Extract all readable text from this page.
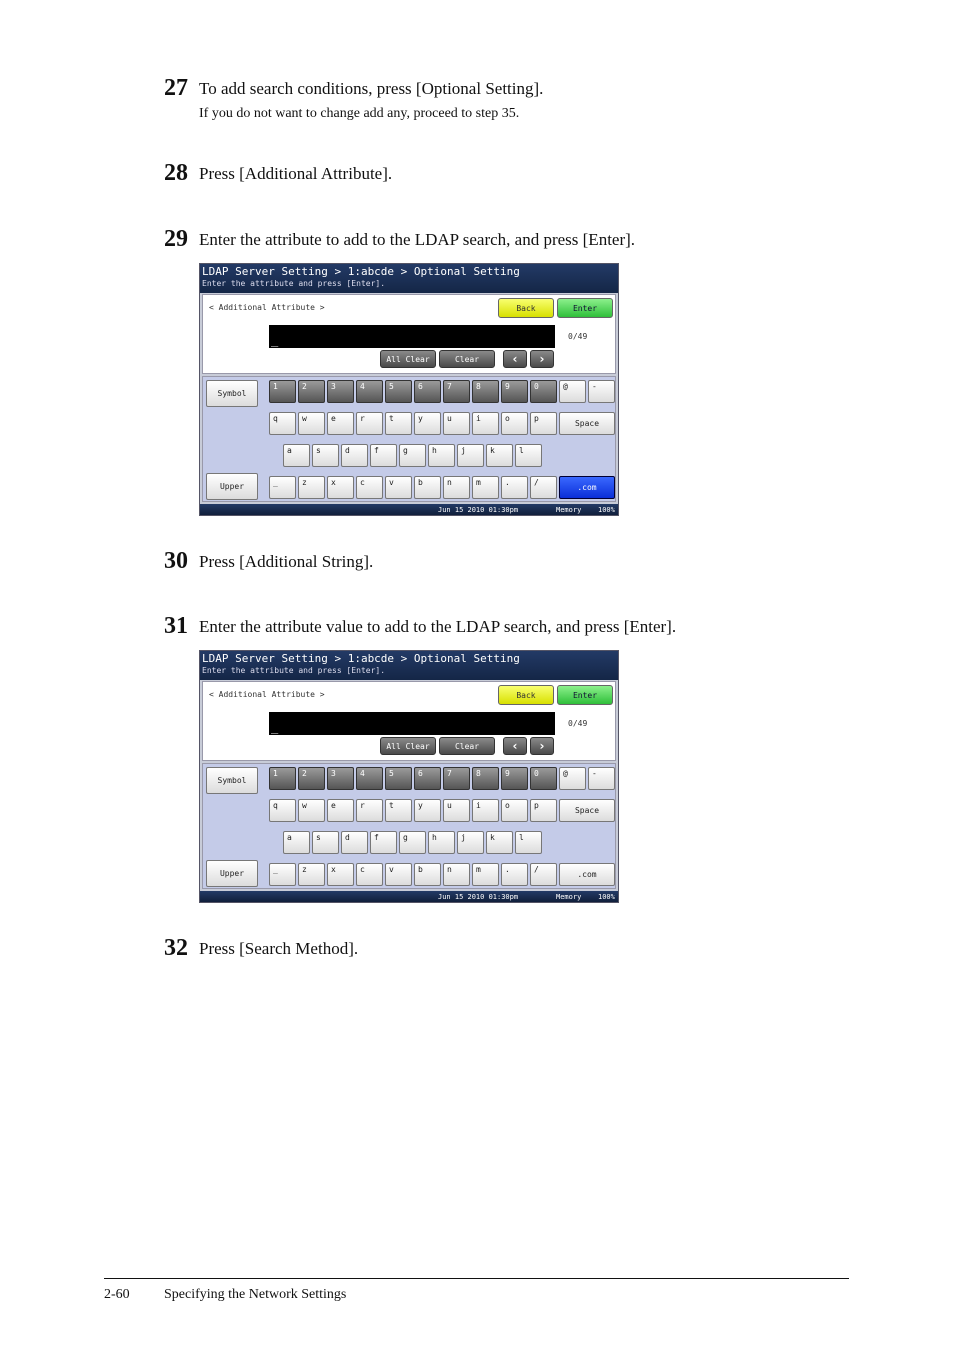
27 To add search conditions, press [Optional Setting].
If you do not want to change add any, proceed to step 35.
28 Press [Additional Attribute].
29 Enter the attribute to add to the LDAP search, and press [Enter].
LDAP Server Setting > 1:abcde > Optional Setting
Enter the attribute and press [Enter].
< Additional Attribute >	Back	Enter
_	0/49
All Clear	Clear	‹	›
Symbol
Upper
1	2	3	4	5	6	7	8	9	0	@	-
q	w	e	r	t	y	u	i	o	p
Space
a	s	d	f	g	h	j	k	l
_	z	x	c	v	b	n	m	.	/
.com
Jun 15 2010 01:30pm	Memory 100%
30 Press [Additional String].
31 Enter the attribute value to add to the LDAP search, and press [Enter].
LDAP Server Setting > 1:abcde > Optional Setting
Enter the attribute and press [Enter].
< Additional Attribute >	Back	Enter
_	0/49
All Clear	Clear	‹	›
Symbol
Upper
1	2	3	4	5	6	7	8	9	0	@	-
q	w	e	r	t	y	u	i	o	p
Space
a	s	d	f	g	h	j	k	l
_	z	x	c	v	b	n	m	.	/
.com
Jun 15 2010 01:30pm	Memory 100%
32 Press [Search Method].
2-60 Specifying the Network Settings
